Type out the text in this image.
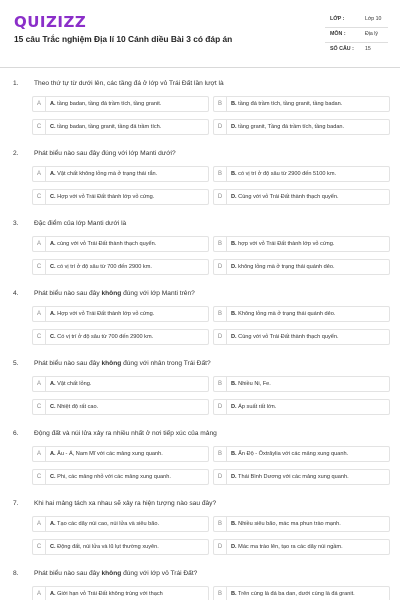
QUIZIZZ
15 câu Trắc nghiệm Địa lí 10 Cánh diều Bài 3 có đáp án
LỚP :	Lớp 10
MÔN :	Địa lý
SỐ CÂU : 15
1. Theo thứ tự từ dưới lên, các tầng đá ở lớp vỏ Trái Đất lần lượt là
A	A. tầng badan, tầng đá trầm tích, tầng granit.	B	B. tầng đá trầm tích, tầng granit, tầng badan.
C	C. tầng badan, tầng granit, tầng đá trầm tích.	D	D. tầng granit, Tầng đá trầm tích, tầng badan.
2. Phát biểu nào sau đây đúng với lớp Manti dưới?
A	A. Vật chất không lỏng mà ở trạng thái rắn.	B	B. có vị trí ở độ sâu từ 2900 đến 5100 km.
C	C. Hợp với vỏ Trái Đất thành lớp vỏ cứng.	D	D. Cùng với vỏ Trái Đất thành thạch quyển.
3. Đặc điểm của lớp Manti dưới là
A	A. cùng với vỏ Trái Đất thành thạch quyển.	B	B. hợp với vỏ Trái Đất thành lớp vỏ cứng.
C	C. có vị trí ở độ sâu từ 700 đến 2900 km.	D	D. không lỏng mà ở trạng thái quánh dẻo.
4. Phát biểu nào sau đây không đúng với lớp Manti trên?
A	A. Hợp với vỏ Trái Đất thành lớp vỏ cứng.	B	B. Không lỏng mà ở trạng thái quánh dẻo.
C	C. Có vị trí ở độ sâu từ 700 đến 2900 km.	D	D. Cùng với vỏ Trái Đất thành thạch quyển.
5. Phát biểu nào sau đây không đúng với nhân trong Trái Đất?
A	A. Vật chất lỏng.	B	B. Nhiều Ni, Fe.
C	C. Nhiệt độ rất cao.	D	D. Áp suất rất lớn.
6. Động đất và núi lửa xảy ra nhiều nhất ở nơi tiếp xúc của mảng
A	A. Âu - Á, Nam Mĩ với các mảng xung quanh.	B	B. Ấn Độ - Ôxtrâylia với các mảng xung quanh.
C	C. Phi, các mảng nhỏ với các mảng xung quanh.	D	D. Thái Bình Dương với các mảng xung quanh.
7. Khi hai mảng tách xa nhau sẽ xảy ra hiện tượng nào sau đây?
A	A. Tạo các dãy núi cao, núi lửa và siêu bão.	B	B. Nhiều siêu bão, mác ma phun trào mạnh.
C	C. Động đất, núi lửa và lũ lụt thường xuyên.	D	D. Mác ma trào lên, tạo ra các dãy núi ngầm.
8. Phát biểu nào sau đây không đúng với lớp vỏ Trái Đất?
A	A. Giới hạn vỏ Trái Đất không trùng với thạch	B	B. Trên cùng là đá ba dan, dưới cùng là đá granit.
